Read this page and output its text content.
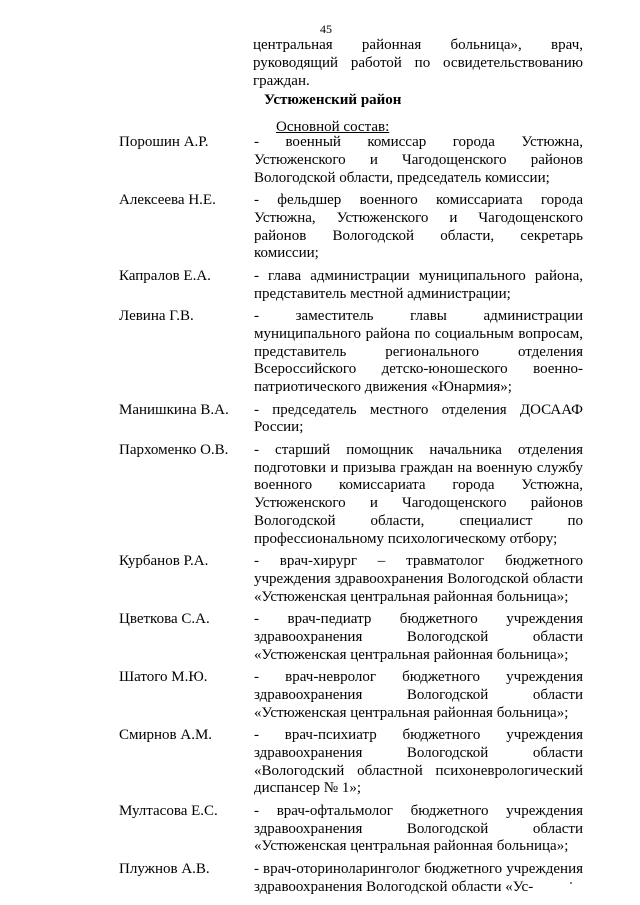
45
центральная районная больница», врач, руководящий работой по освидетельствованию граждан.
Устюженский район
Основной состав:
Порошин А.Р.	- военный комиссар города Устюжна, Устюженского и Чагодощенского районов Вологодской области, председатель комиссии;
Алексеева Н.Е.	- фельдшер военного комиссариата города Устюжна, Устюженского и Чагодощенского районов Вологодской области, секретарь комиссии;
Капралов Е.А.	- глава администрации муниципального района, представитель местной администрации;
Левина Г.В.	- заместитель главы администрации муниципального района по социальным вопросам, представитель регионального отделения Всероссийского детско-юношеского военно-патриотического движения «Юнармия»;
Манишкина В.А.	- председатель местного отделения ДОСААФ России;
Пархоменко О.В.	- старший помощник начальника отделения подготовки и призыва граждан на военную службу военного комиссариата города Устюжна, Устюженского и Чагодощенского районов Вологодской области, специалист по профессиональному психологическому отбору;
Курбанов Р.А.	- врач-хирург – травматолог бюджетного учреждения здравоохранения Вологодской области «Устюженская центральная районная больница»;
Цветкова С.А.	- врач-педиатр бюджетного учреждения здравоохранения Вологодской области «Устюженская центральная районная больница»;
Шатого М.Ю.	- врач-невролог бюджетного учреждения здравоохранения Вологодской области «Устюженская центральная районная больница»;
Смирнов А.М.	- врач-психиатр бюджетного учреждения здравоохранения Вологодской области «Вологодский областной психоневрологический диспансер № 1»;
Мултасова Е.С.	- врач-офтальмолог бюджетного учреждения здравоохранения Вологодской области «Устюженская центральная районная больница»;
Плужнов А.В.	- врач-оториноларинголог бюджетного учреждения здравоохранения Вологодской области «Ус-
